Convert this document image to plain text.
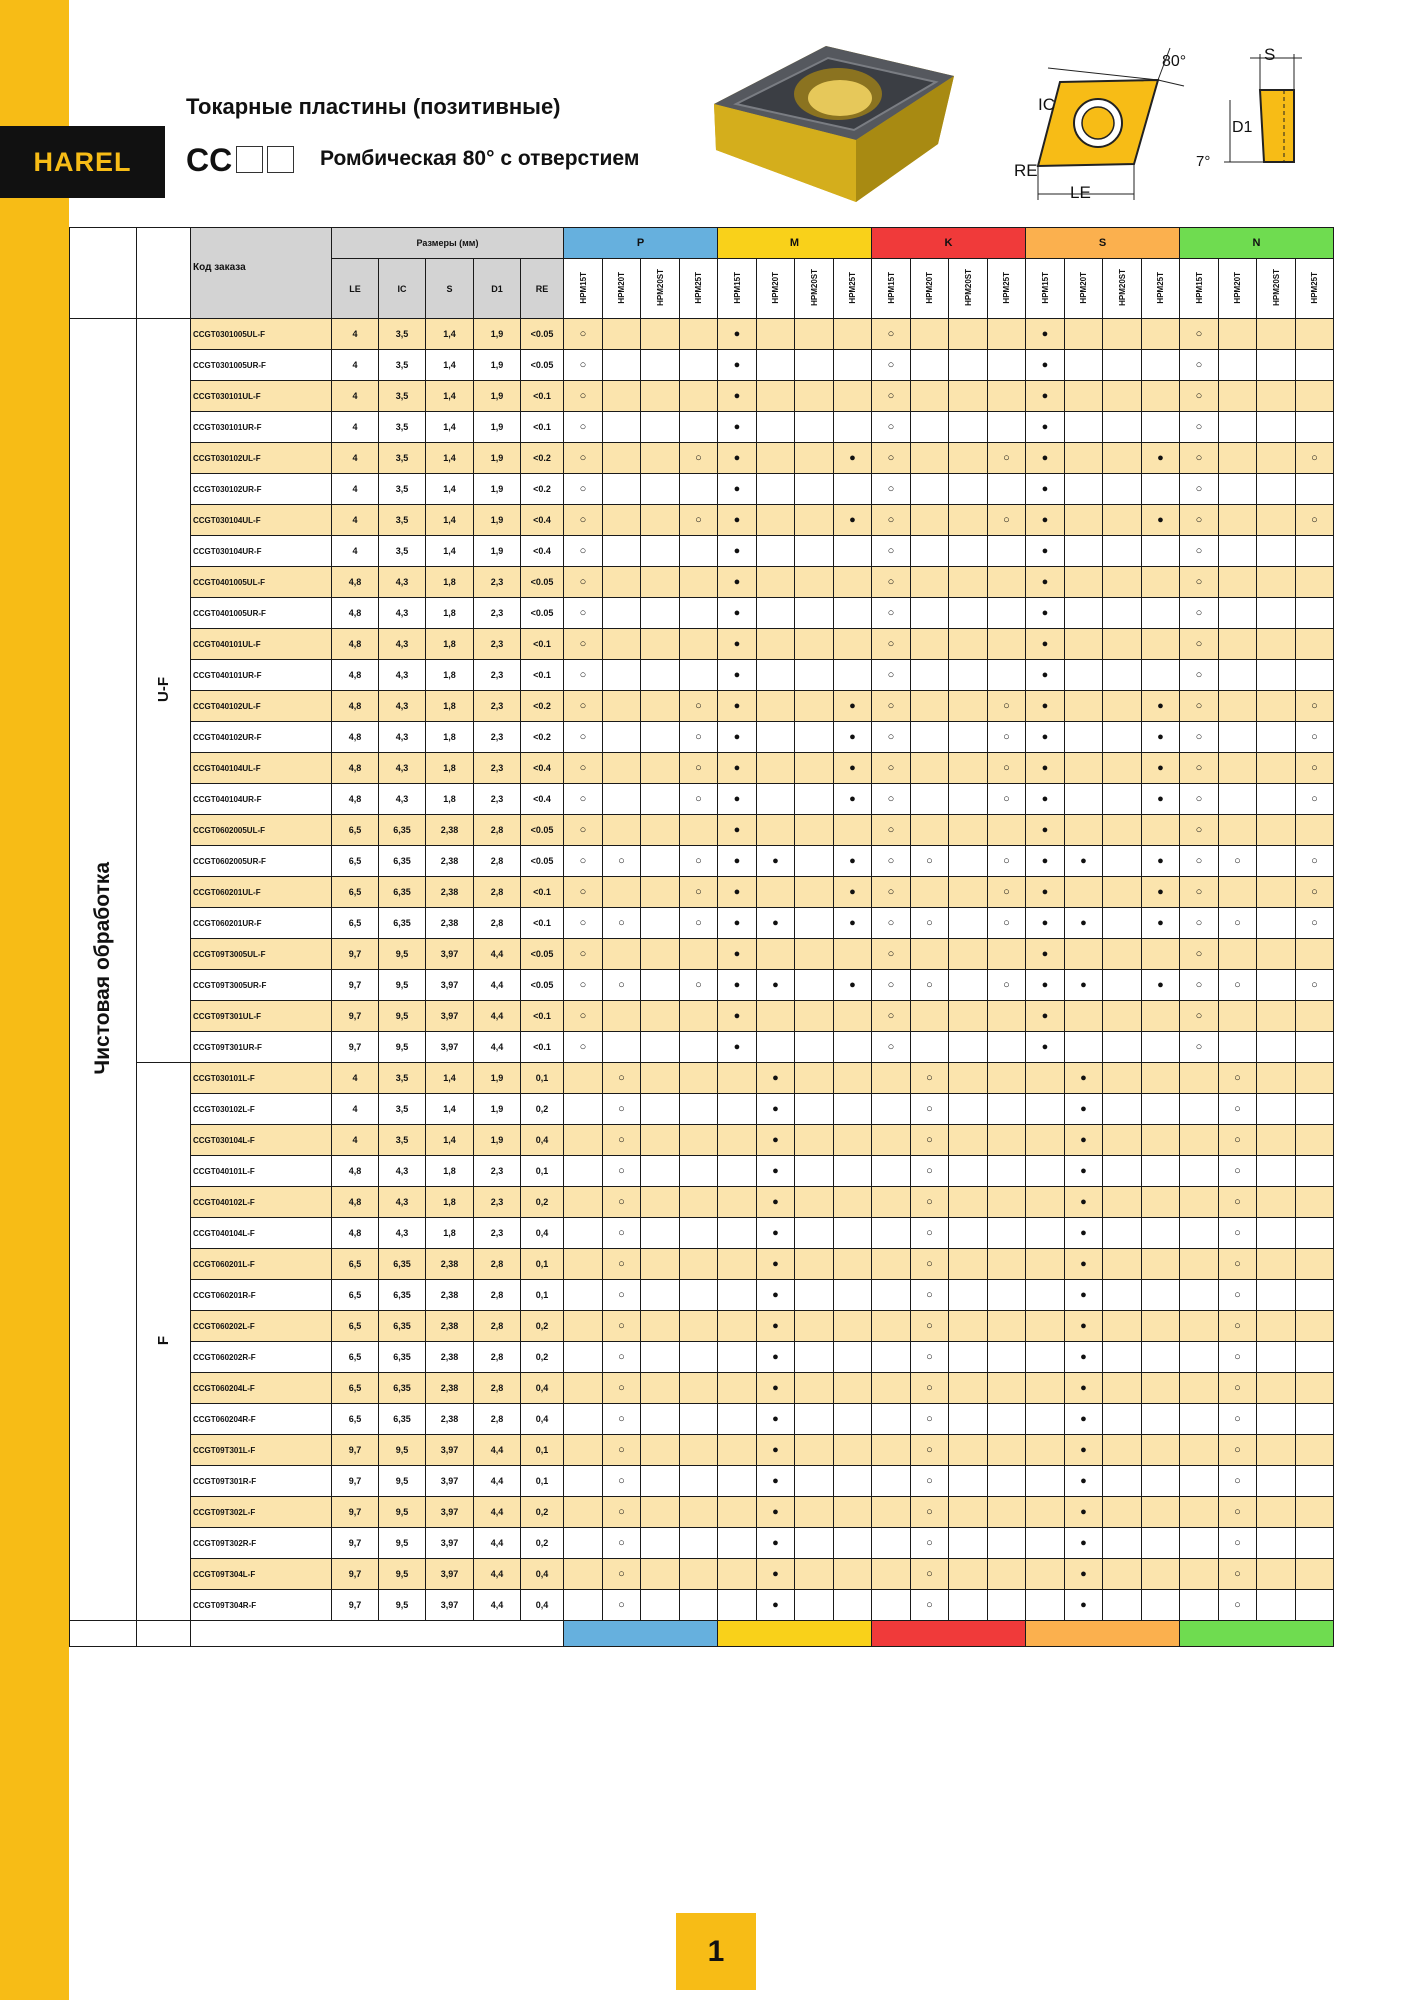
HAREL
Токарные пластины (позитивные)
CC	Ромбическая 80° с отверстием
80°
IC
RE
LE
S
D1
7°
		Код заказа	Размеры (мм)					P				M				K				S				N			
			LE	IC	S	D1	RE	HPM15T	HPM20T	HPM20ST	HPM25T	HPM15T	HPM20T	HPM20ST	HPM25T	HPM15T	HPM20T	HPM20ST	HPM25T	HPM15T	HPM20T	HPM20ST	HPM25T	HPM15T	HPM20T	HPM20ST	HPM25T
Чистовая обработка	U-F	CCGT0301005UL-F	4	3,5	1,4	1,9	<0.05	○				●				○				●				○			
		CCGT0301005UR-F	4	3,5	1,4	1,9	<0.05	○				●				○				●				○			
		CCGT030101UL-F	4	3,5	1,4	1,9	<0.1	○				●				○				●				○			
		CCGT030101UR-F	4	3,5	1,4	1,9	<0.1	○				●				○				●				○			
		CCGT030102UL-F	4	3,5	1,4	1,9	<0.2	○			○	●			●	○			○	●			●	○			○
		CCGT030102UR-F	4	3,5	1,4	1,9	<0.2	○				●				○				●				○			
		CCGT030104UL-F	4	3,5	1,4	1,9	<0.4	○			○	●			●	○			○	●			●	○			○
		CCGT030104UR-F	4	3,5	1,4	1,9	<0.4	○				●				○				●				○			
		CCGT0401005UL-F	4,8	4,3	1,8	2,3	<0.05	○				●				○				●				○			
		CCGT0401005UR-F	4,8	4,3	1,8	2,3	<0.05	○				●				○				●				○			
		CCGT040101UL-F	4,8	4,3	1,8	2,3	<0.1	○				●				○				●				○			
		CCGT040101UR-F	4,8	4,3	1,8	2,3	<0.1	○				●				○				●				○			
		CCGT040102UL-F	4,8	4,3	1,8	2,3	<0.2	○			○	●			●	○			○	●			●	○			○
		CCGT040102UR-F	4,8	4,3	1,8	2,3	<0.2	○			○	●			●	○			○	●			●	○			○
		CCGT040104UL-F	4,8	4,3	1,8	2,3	<0.4	○			○	●			●	○			○	●			●	○			○
		CCGT040104UR-F	4,8	4,3	1,8	2,3	<0.4	○			○	●			●	○			○	●			●	○			○
		CCGT0602005UL-F	6,5	6,35	2,38	2,8	<0.05	○				●				○				●				○			
		CCGT0602005UR-F	6,5	6,35	2,38	2,8	<0.05	○	○		○	●	●		●	○	○		○	●	●		●	○	○		○
		CCGT060201UL-F	6,5	6,35	2,38	2,8	<0.1	○			○	●			●	○			○	●			●	○			○
		CCGT060201UR-F	6,5	6,35	2,38	2,8	<0.1	○	○		○	●	●		●	○	○		○	●	●		●	○	○		○
		CCGT09T3005UL-F	9,7	9,5	3,97	4,4	<0.05	○				●				○				●				○			
		CCGT09T3005UR-F	9,7	9,5	3,97	4,4	<0.05	○	○		○	●	●		●	○	○		○	●	●		●	○	○		○
		CCGT09T301UL-F	9,7	9,5	3,97	4,4	<0.1	○				●				○				●				○			
		CCGT09T301UR-F	9,7	9,5	3,97	4,4	<0.1	○				●				○				●				○			
	F	CCGT030101L-F	4	3,5	1,4	1,9	0,1		○				●				○				●				○		
		CCGT030102L-F	4	3,5	1,4	1,9	0,2		○				●				○				●				○		
		CCGT030104L-F	4	3,5	1,4	1,9	0,4		○				●				○				●				○		
		CCGT040101L-F	4,8	4,3	1,8	2,3	0,1		○				●				○				●				○		
		CCGT040102L-F	4,8	4,3	1,8	2,3	0,2		○				●				○				●				○		
		CCGT040104L-F	4,8	4,3	1,8	2,3	0,4		○				●				○				●				○		
		CCGT060201L-F	6,5	6,35	2,38	2,8	0,1		○				●				○				●				○		
		CCGT060201R-F	6,5	6,35	2,38	2,8	0,1		○				●				○				●				○		
		CCGT060202L-F	6,5	6,35	2,38	2,8	0,2		○				●				○				●				○		
		CCGT060202R-F	6,5	6,35	2,38	2,8	0,2		○				●				○				●				○		
		CCGT060204L-F	6,5	6,35	2,38	2,8	0,4		○				●				○				●				○		
		CCGT060204R-F	6,5	6,35	2,38	2,8	0,4		○				●				○				●				○		
		CCGT09T301L-F	9,7	9,5	3,97	4,4	0,1		○				●				○				●				○		
		CCGT09T301R-F	9,7	9,5	3,97	4,4	0,1		○				●				○				●				○		
		CCGT09T302L-F	9,7	9,5	3,97	4,4	0,2		○				●				○				●				○		
		CCGT09T302R-F	9,7	9,5	3,97	4,4	0,2		○				●				○				●				○		
		CCGT09T304L-F	9,7	9,5	3,97	4,4	0,4		○				●				○				●				○		
		CCGT09T304R-F	9,7	9,5	3,97	4,4	0,4		○				●				○				●				○		

1
